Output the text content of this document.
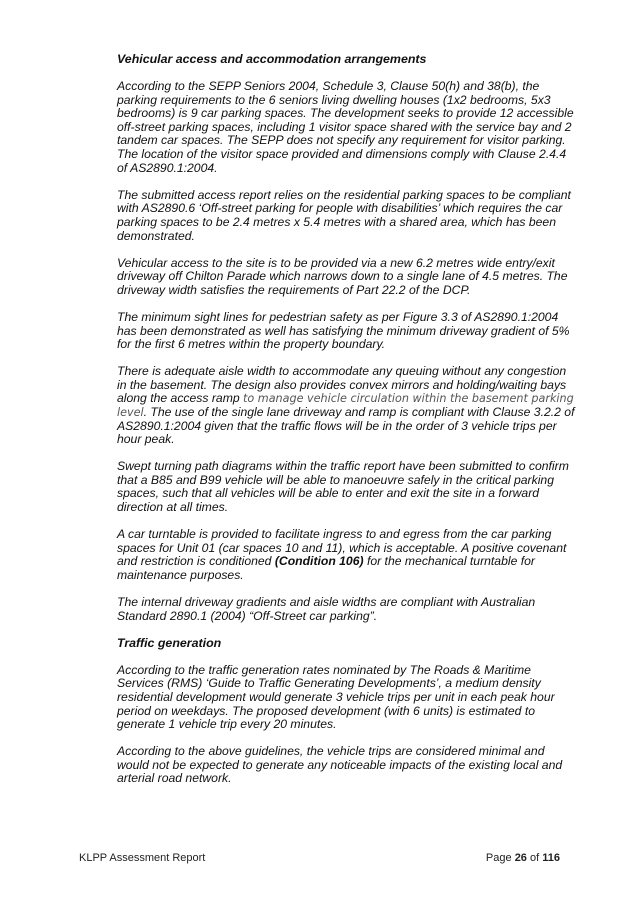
Vehicular access and accommodation arrangements
According to the SEPP Seniors 2004, Schedule 3, Clause 50(h) and 38(b), the
parking requirements to the 6 seniors living dwelling houses (1x2 bedrooms, 5x3
bedrooms) is 9 car parking spaces. The development seeks to provide 12 accessible
off-street parking spaces, including 1 visitor space shared with the service bay and 2
tandem car spaces. The SEPP does not specify any requirement for visitor parking.
The location of the visitor space provided and dimensions comply with Clause 2.4.4
of AS2890.1:2004.
The submitted access report relies on the residential parking spaces to be compliant
with AS2890.6 ‘Off-street parking for people with disabilities’ which requires the car
parking spaces to be 2.4 metres x 5.4 metres with a shared area, which has been
demonstrated.
Vehicular access to the site is to be provided via a new 6.2 metres wide entry/exit
driveway off Chilton Parade which narrows down to a single lane of 4.5 metres. The
driveway width satisfies the requirements of Part 22.2 of the DCP.
The minimum sight lines for pedestrian safety as per Figure 3.3 of AS2890.1:2004
has been demonstrated as well has satisfying the minimum driveway gradient of 5%
for the first 6 metres within the property boundary.
There is adequate aisle width to accommodate any queuing without any congestion
in the basement. The design also provides convex mirrors and holding/waiting bays
along the access ramp to manage vehicle circulation within the basement parking
level. The use of the single lane driveway and ramp is compliant with Clause 3.2.2 of
AS2890.1:2004 given that the traffic flows will be in the order of 3 vehicle trips per
hour peak.
Swept turning path diagrams within the traffic report have been submitted to confirm
that a B85 and B99 vehicle will be able to manoeuvre safely in the critical parking
spaces, such that all vehicles will be able to enter and exit the site in a forward
direction at all times.
A car turntable is provided to facilitate ingress to and egress from the car parking
spaces for Unit 01 (car spaces 10 and 11), which is acceptable. A positive covenant
and restriction is conditioned (Condition 106) for the mechanical turntable for
maintenance purposes.
The internal driveway gradients and aisle widths are compliant with Australian
Standard 2890.1 (2004) “Off-Street car parking”.
Traffic generation
According to the traffic generation rates nominated by The Roads & Maritime
Services (RMS) ‘Guide to Traffic Generating Developments’, a medium density
residential development would generate 3 vehicle trips per unit in each peak hour
period on weekdays. The proposed development (with 6 units) is estimated to
generate 1 vehicle trip every 20 minutes.
According to the above guidelines, the vehicle trips are considered minimal and
would not be expected to generate any noticeable impacts of the existing local and
arterial road network.
KLPP Assessment Report	Page 26 of 116
